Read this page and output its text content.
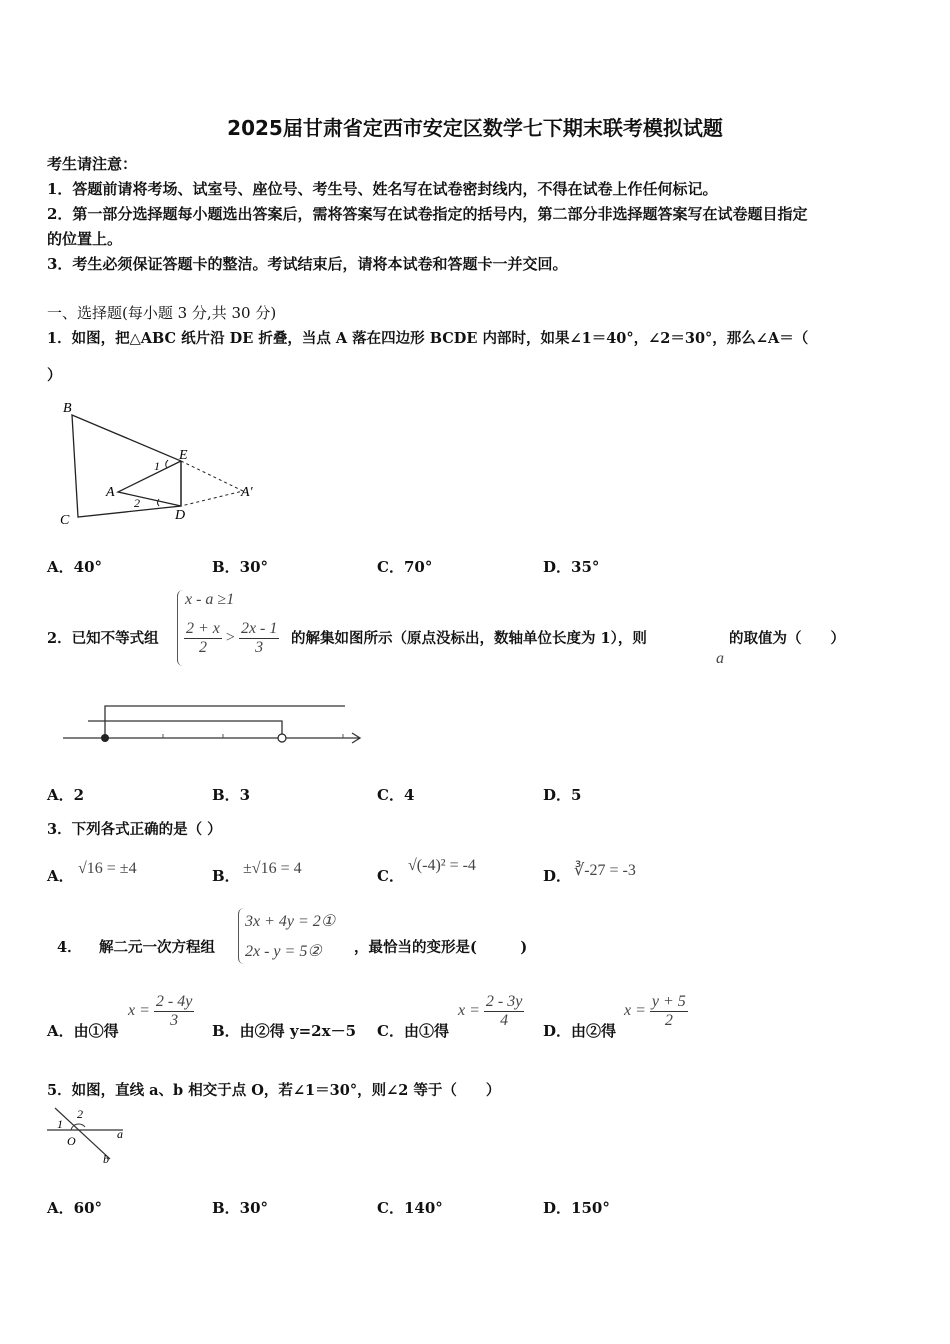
2025届甘肃省定西市安定区数学七下期末联考模拟试题
考生请注意：
1．答题前请将考场、试室号、座位号、考生号、姓名写在试卷密封线内，不得在试卷上作任何标记。
2．第一部分选择题每小题选出答案后，需将答案写在试卷指定的括号内，第二部分非选择题答案写在试卷题目指定
的位置上。
3．考生必须保证答题卡的整洁。考试结束后，请将本试卷和答题卡一并交回。
一、选择题(每小题 3 分,共 30 分)
1．如图，把△ABC 纸片沿 DE 折叠，当点 A 落在四边形 BCDE 内部时，如果∠1＝40°，∠2＝30°，那么∠A＝（
）
B
C
E
D
A	A′
1
2
A．40°	B．30°	C．70°	D．35°
2．已知不等式组
x - a ≥1
$\frac{2 + x}{2} > \frac{2x - 1}{3}$ 的解集如图所示（原点没标出，数轴单位长度为 1），则
a
的取值为（　　）
A．2	B．3	C．4	D．5
3．下列各式正确的是（ ）
A． √16 = ±4	B． ±√16 = 4	C．
√(-4)² = -4
D． ∛-27 = -3
4． 解二元一次方程组
3x + 4y = 2①
2x - y = 5② ，最恰当的变形是(　　　)
A．由①得
$x = \frac{2 - 4y}{3}$
B．由②得 y=2x－5 C．由①得
$x = \frac{2 - 3y}{4}$
D．由②得
$x = \frac{y + 5}{2}$
5．如图，直线 a、b 相交于点 O，若∠1＝30°，则∠2 等于（　　）
1
2
O	a
b
A．60°	B．30°	C．140°	D．150°
